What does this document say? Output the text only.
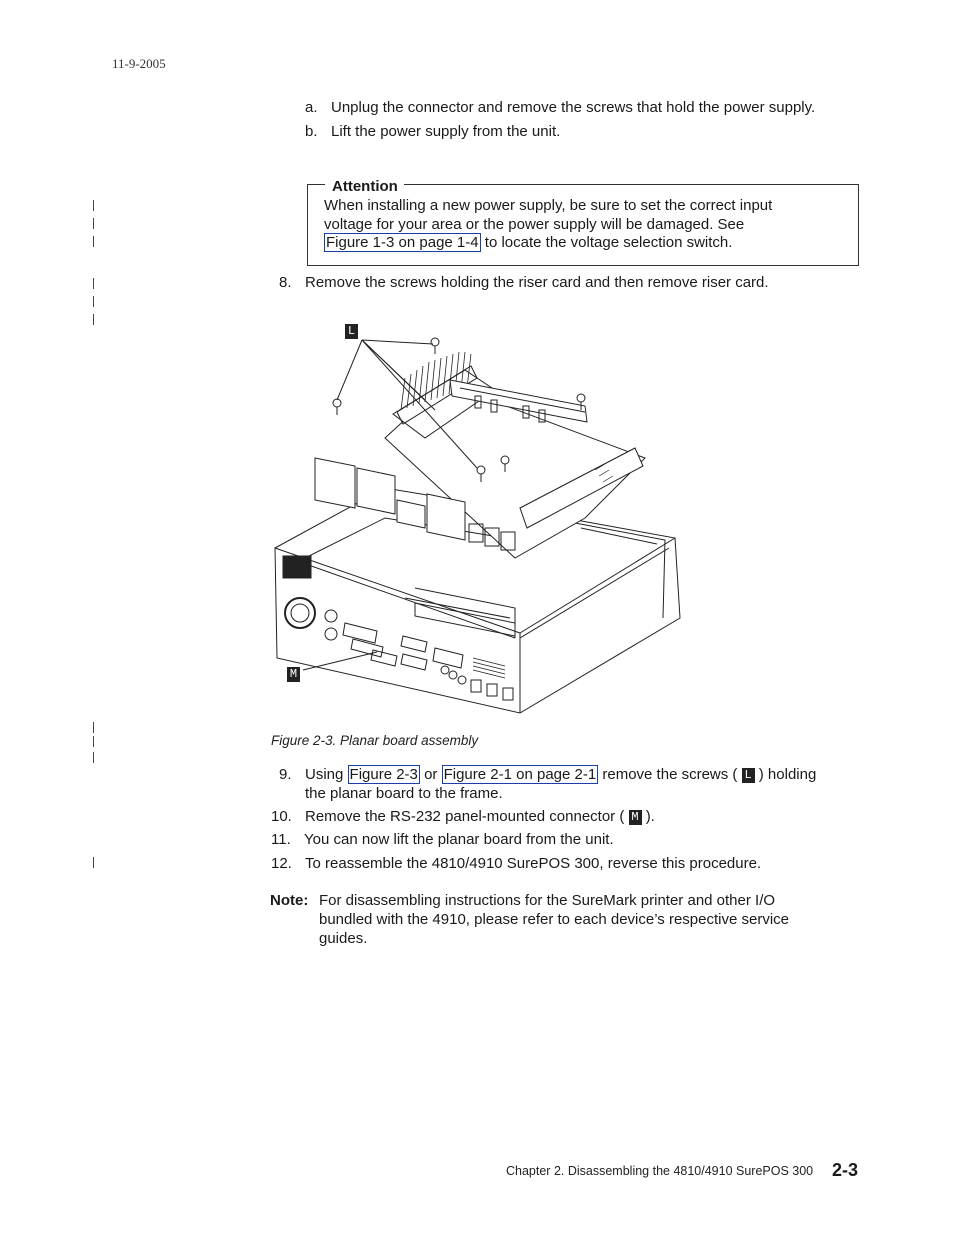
11-9-2005
a. Unplug the connector and remove the screws that hold the power supply.
b. Lift the power supply from the unit.
Attention
When installing a new power supply, be sure to set the correct input
voltage for your area or the power supply will be damaged. See
Figure 1-3 on page 1-4 to locate the voltage selection switch.
8. Remove the screws holding the riser card and then remove riser card.
L
M
Figure 2-3. Planar board assembly
9. Using Figure 2-3 or Figure 2-1 on page 2-1 remove the screws ( L ) holding
the planar board to the frame.
10. Remove the RS-232 panel-mounted connector ( M ).
11. You can now lift the planar board from the unit.
12. To reassemble the 4810/4910 SurePOS 300, reverse this procedure.
Note: For disassembling instructions for the SureMark printer and other I/O
bundled with the 4910, please refer to each device’s respective service
guides.
Chapter 2. Disassembling the 4810/4910 SurePOS 300 2-3
